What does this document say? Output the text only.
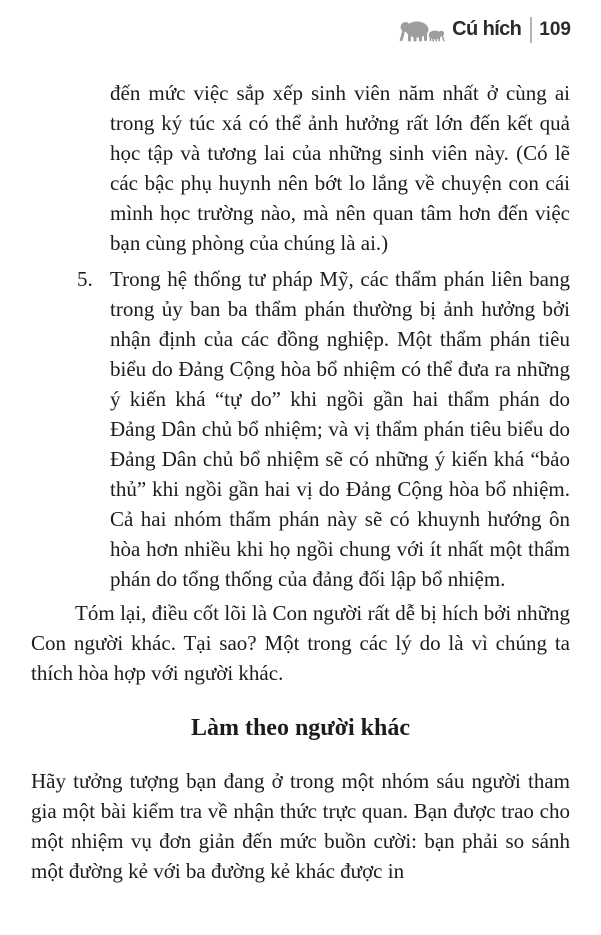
Cú hích 109

đến mức việc sắp xếp sinh viên năm nhất ở cùng ai trong ký túc xá có thể ảnh hưởng rất lớn đến kết quả học tập và tương lai của những sinh viên này. (Có lẽ các bậc phụ huynh nên bớt lo lắng về chuyện con cái mình học trường nào, mà nên quan tâm hơn đến việc bạn cùng phòng của chúng là ai.)

5. Trong hệ thống tư pháp Mỹ, các thẩm phán liên bang trong ủy ban ba thẩm phán thường bị ảnh hưởng bởi nhận định của các đồng nghiệp. Một thẩm phán tiêu biểu do Đảng Cộng hòa bổ nhiệm có thể đưa ra những ý kiến khá “tự do” khi ngồi gần hai thẩm phán do Đảng Dân chủ bổ nhiệm; và vị thẩm phán tiêu biểu do Đảng Dân chủ bổ nhiệm sẽ có những ý kiến khá “bảo thủ” khi ngồi gần hai vị do Đảng Cộng hòa bổ nhiệm. Cả hai nhóm thẩm phán này sẽ có khuynh hướng ôn hòa hơn nhiều khi họ ngồi chung với ít nhất một thẩm phán do tổng thống của đảng đối lập bổ nhiệm.

Tóm lại, điều cốt lõi là Con người rất dễ bị hích bởi những Con người khác. Tại sao? Một trong các lý do là vì chúng ta thích hòa hợp với người khác.

Làm theo người khác

Hãy tưởng tượng bạn đang ở trong một nhóm sáu người tham gia một bài kiểm tra về nhận thức trực quan. Bạn được trao cho một nhiệm vụ đơn giản đến mức buồn cười: bạn phải so sánh một đường kẻ với ba đường kẻ khác được in
